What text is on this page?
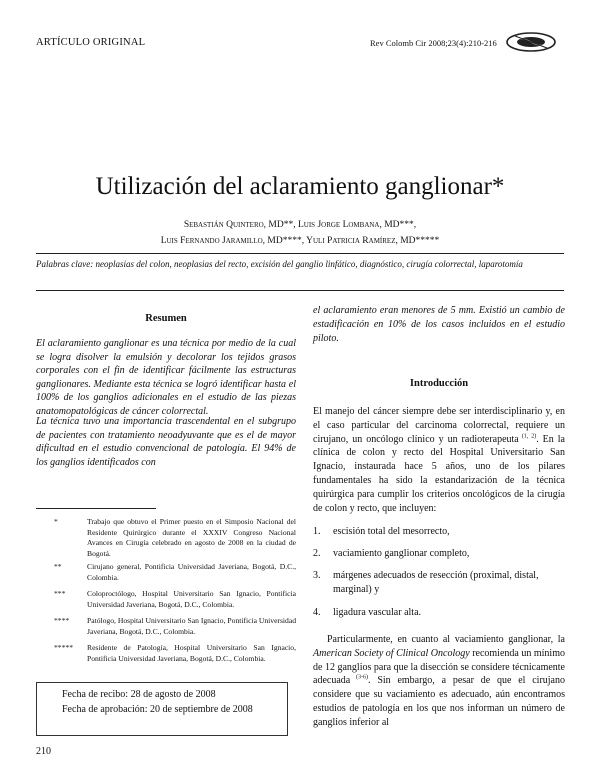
ARTÍCULO ORIGINAL	Rev Colomb Cir 2008;23(4):210-216
Utilización del aclaramiento ganglionar*
Sebastián Quintero, MD**, Luis Jorge Lombana, MD***,
Luis Fernando Jaramillo, MD****, Yuli Patricia Ramírez, MD*****
Palabras clave: neoplasias del colon, neoplasias del recto, excisión del ganglio linfático, diagnóstico, cirugía colorrectal, laparotomía
Resumen
El aclaramiento ganglionar es una técnica por medio de la cual se logra disolver la emulsión y decolorar los tejidos grasos corporales con el fin de identificar fácilmente las estructuras ganglionares. Mediante esta técnica se logró identificar hasta el 100% de los ganglios adicionales en el estudio de las piezas anatomopatológicas de cáncer colorrectal.
La técnica tuvo una importancia trascendental en el subgrupo de pacientes con tratamiento neoadyuvante que es el de mayor dificultad en el estudio convencional de patología. El 94% de los ganglios identificados con
*	Trabajo que obtuvo el Primer puesto en el Simposio Nacional del Residente Quirúrgico durante el XXXIV Congreso Nacional Avances en Cirugía celebrado en agosto de 2008 en la ciudad de Bogotá.
**	Cirujano general, Pontificia Universidad Javeriana, Bogotá, D.C., Colombia.
***	Coloproctólogo, Hospital Universitario San Ignacio, Pontificia Universidad Javeriana, Bogotá, D.C., Colombia.
**** Patólogo, Hospital Universitario San Ignacio, Pontificia Universidad Javeriana, Bogotá, D.C., Colombia.
***** Residente de Patología, Hospital Universitario San Ignacio, Pontificia Universidad Javeriana, Bogotá, D.C., Colombia.
Fecha de recibo: 28 de agosto de 2008
Fecha de aprobación: 20 de septiembre de 2008
210
el aclaramiento eran menores de 5 mm. Existió un cambio de estadificación en 10% de los casos incluidos en el estudio piloto.
Introducción
El manejo del cáncer siempre debe ser interdisciplinario y, en el caso particular del carcinoma colorrectal, requiere un cirujano, un oncólogo clínico y un radioterapeuta $^{(1, 2)}$. En la clínica de colon y recto del Hospital Universitario San Ignacio, instaurada hace 5 años, uno de los pilares fundamentales ha sido la estandarización de la técnica quirúrgica para cumplir los criterios oncológicos de la cirugía de colon y recto, que incluyen:
1. escisión total del mesorrecto,
2. vaciamiento ganglionar completo,
3. márgenes adecuados de resección (proximal, distal, marginal) y
4. ligadura vascular alta.
Particularmente, en cuanto al vaciamiento ganglionar, la American Society of Clinical Oncology recomienda un mínimo de 12 ganglios para que la disección se considere técnicamente adecuada $^{(3-6)}$. Sin embargo, a pesar de que el cirujano considere que su vaciamiento es adecuado, aún encontramos estudios de patología en los que nos informan un número de ganglios inferior al
